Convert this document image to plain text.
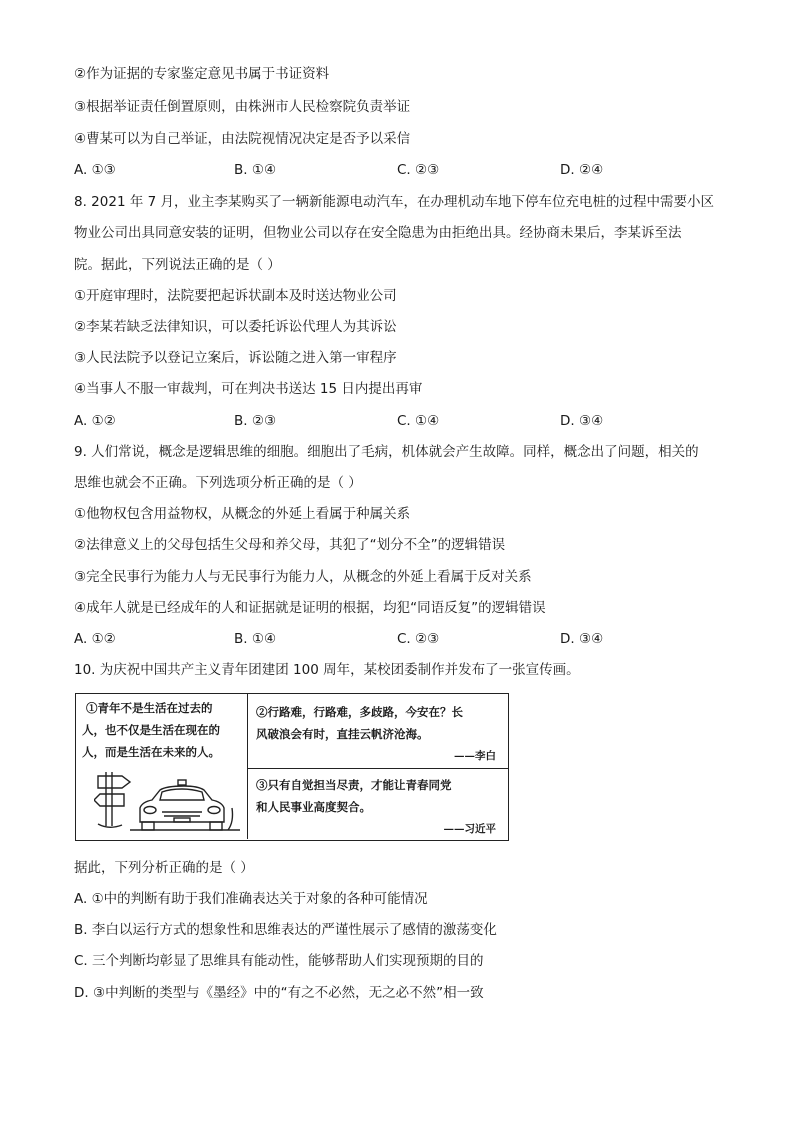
②作为证据的专家鉴定意见书属于书证资料
③根据举证责任倒置原则，由株洲市人民检察院负责举证
④曹某可以为自己举证，由法院视情况决定是否予以采信
A. ①③	B. ①④	C. ②③	D. ②④
8. 2021 年 7 月，业主李某购买了一辆新能源电动汽车，在办理机动车地下停车位充电桩的过程中需要小区
物业公司出具同意安装的证明，但物业公司以存在安全隐患为由拒绝出具。经协商未果后，李某诉至法
院。据此，下列说法正确的是（ ）
①开庭审理时，法院要把起诉状副本及时送达物业公司
②李某若缺乏法律知识，可以委托诉讼代理人为其诉讼
③人民法院予以登记立案后，诉讼随之进入第一审程序
④当事人不服一审裁判，可在判决书送达 15 日内提出再审
A. ①②	B. ②③	C. ①④	D. ③④
9. 人们常说，概念是逻辑思维的细胞。细胞出了毛病，机体就会产生故障。同样，概念出了问题，相关的
思维也就会不正确。下列选项分析正确的是（ ）
①他物权包含用益物权，从概念的外延上看属于种属关系
②法律意义上的父母包括生父母和养父母，其犯了“划分不全”的逻辑错误
③完全民事行为能力人与无民事行为能力人，从概念的外延上看属于反对关系
④成年人就是已经成年的人和证据就是证明的根据，均犯“同语反复”的逻辑错误
A. ①②	B. ①④	C. ②③	D. ③④
10. 为庆祝中国共产主义青年团建团 100 周年，某校团委制作并发布了一张宣传画。
①青年不是生活在过去的
人，也不仅是生活在现在的
人，而是生活在未来的人。
②行路难，行路难，多歧路，今安在？长
风破浪会有时，直挂云帆济沧海。
——李白
③只有自觉担当尽责，才能让青春同党
和人民事业高度契合。
——习近平
据此，下列分析正确的是（ ）
A. ①中的判断有助于我们准确表达关于对象的各种可能情况
B. 李白以运行方式的想象性和思维表达的严谨性展示了感情的激荡变化
C. 三个判断均彰显了思维具有能动性，能够帮助人们实现预期的目的
D. ③中判断的类型与《墨经》中的“有之不必然，无之必不然”相一致
